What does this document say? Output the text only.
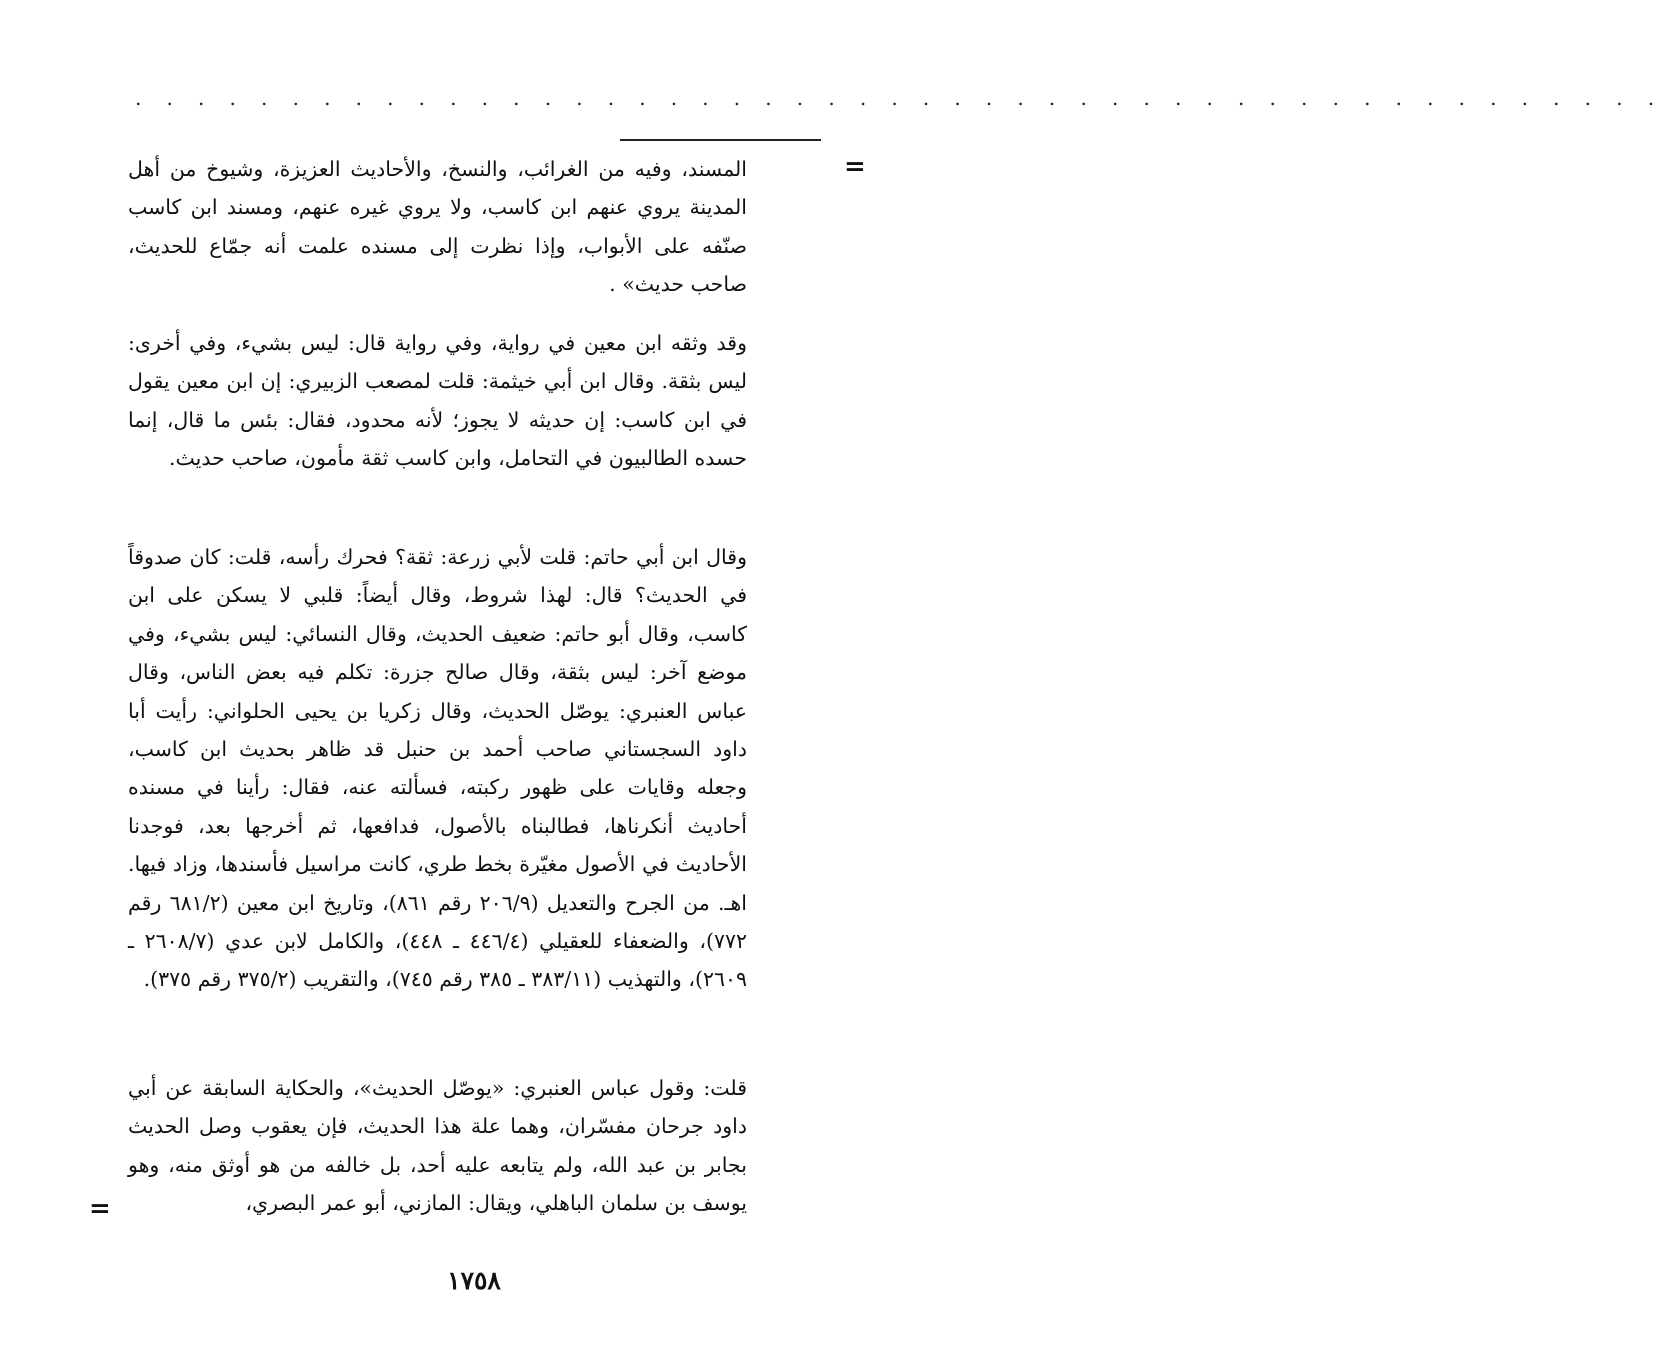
. . . . . . . . . . . . . . . . . . . . . . . . . . . . . . . . . . . . . . . . . . . . . . . . .
=

المسند، وفيه من الغرائب، والنسخ، والأحاديث العزيزة، وشيوخ من أهل المدينة يروي عنهم ابن كاسب، ولا يروي غيره عنهم، ومسند ابن كاسب صنّفه على الأبواب، وإذا نظرت إلى مسنده علمت أنه جمّاع للحديث، صاحب حديث» .

وقد وثقه ابن معين في رواية، وفي رواية قال: ليس بشيء، وفي أخرى: ليس بثقة. وقال ابن أبي خيثمة: قلت لمصعب الزبيري: إن ابن معين يقول في ابن كاسب: إن حديثه لا يجوز؛ لأنه محدود، فقال: بئس ما قال، إنما حسده الطالبيون في التحامل، وابن كاسب ثقة مأمون، صاحب حديث.

وقال ابن أبي حاتم: قلت لأبي زرعة: ثقة؟ فحرك رأسه، قلت: كان صدوقاً في الحديث؟ قال: لهذا شروط، وقال أيضاً: قلبي لا يسكن على ابن كاسب، وقال أبو حاتم: ضعيف الحديث، وقال النسائي: ليس بشيء، وفي موضع آخر: ليس بثقة، وقال صالح جزرة: تكلم فيه بعض الناس، وقال عباس العنبري: يوصّل الحديث، وقال زكريا بن يحيى الحلواني: رأيت أبا داود السجستاني صاحب أحمد بن حنبل قد ظاهر بحديث ابن كاسب، وجعله وقايات على ظهور ركبته، فسألته عنه، فقال: رأينا في مسنده أحاديث أنكرناها، فطالبناه بالأصول، فدافعها، ثم أخرجها بعد، فوجدنا الأحاديث في الأصول مغيّرة بخط طري، كانت مراسيل فأسندها، وزاد فيها. اهـ. من الجرح والتعديل (٢٠٦/٩ رقم ٨٦١)، وتاريخ ابن معين (٦٨١/٢ رقم ٧٧٢)، والضعفاء للعقيلي (٤٤٦/٤ ـ ٤٤٨)، والكامل لابن عدي (٢٦٠٨/٧ ـ ٢٦٠٩)، والتهذيب (٣٨٣/١١ ـ ٣٨٥ رقم ٧٤٥)، والتقريب (٣٧٥/٢ رقم ٣٧٥).

قلت: وقول عباس العنبري: «يوصّل الحديث»، والحكاية السابقة عن أبي داود جرحان مفسّران، وهما علة هذا الحديث، فإن يعقوب وصل الحديث بجابر بن عبد الله، ولم يتابعه عليه أحد، بل خالفه من هو أوثق منه، وهو يوسف بن سلمان الباهلي، ويقال: المازني، أبو عمر البصري،

=
١٧٥٨
